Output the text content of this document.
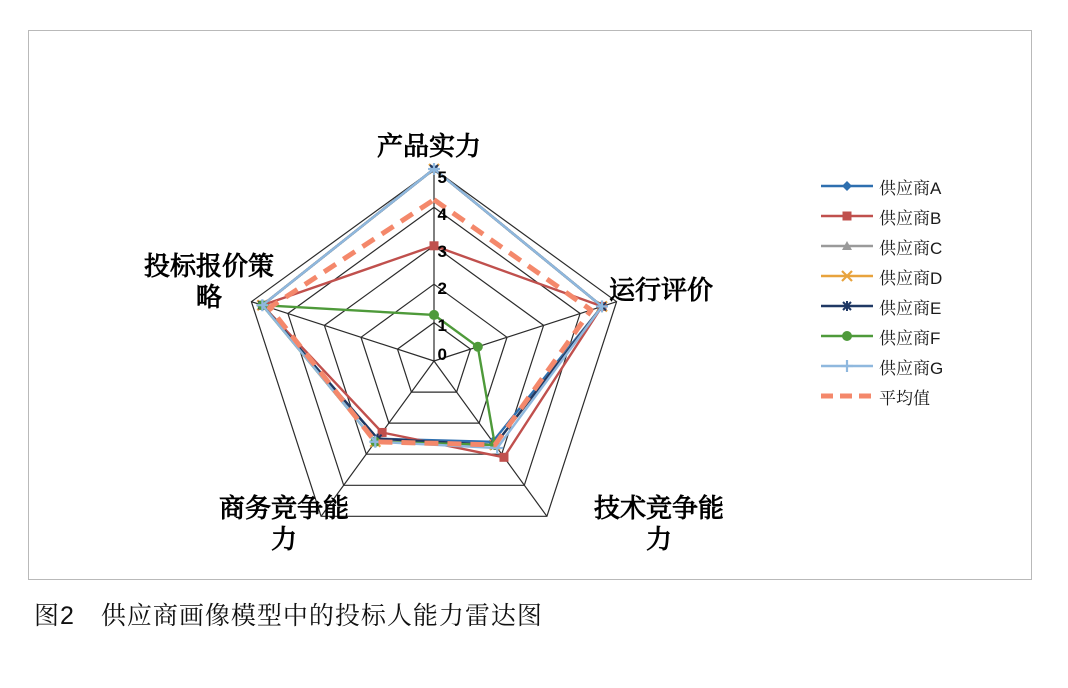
产品实力
运行评价
技术竞争能
力
商务竞争能
力
投标报价策
略
5
4
3
2
1
0
供应商A
供应商B
供应商C
供应商D
供应商E
供应商F
供应商G
平均值
图2　供应商画像模型中的投标人能力雷达图
